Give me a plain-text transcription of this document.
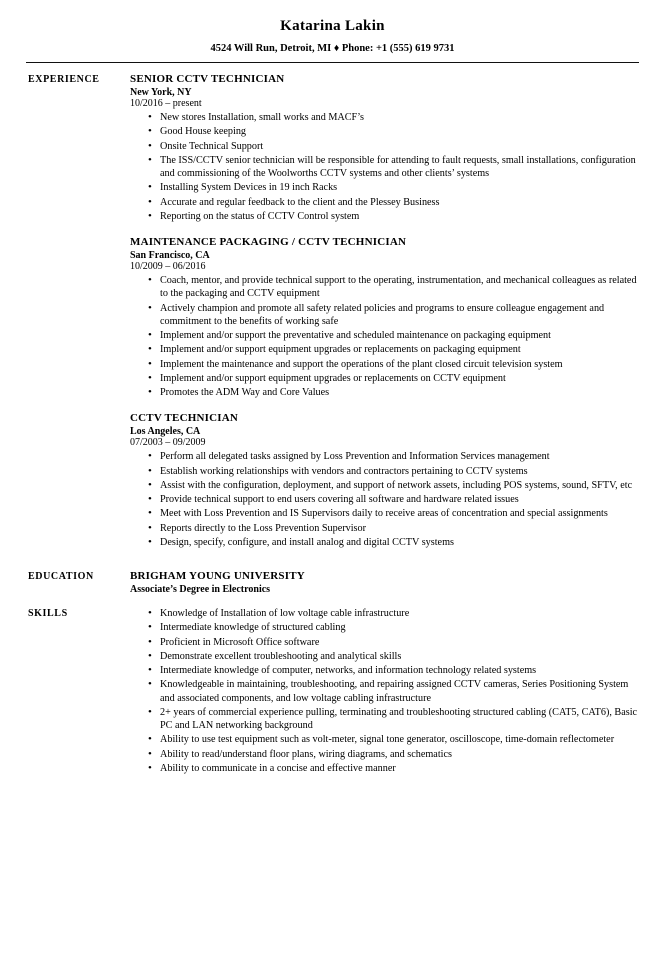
Katarina Lakin
4524 Will Run, Detroit, MI ♦ Phone: +1 (555) 619 9731
EXPERIENCE	SENIOR CCTV TECHNICIAN
New York, NY
10/2016 – present
• New stores Installation, small works and MACF’s
• Good House keeping
• Onsite Technical Support
• The ISS/CCTV senior technician will be responsible for attending to fault requests, small installations, configuration and commissioning of the Woolworths CCTV systems and other clients’ systems
• Installing System Devices in 19 inch Racks
• Accurate and regular feedback to the client and the Plessey Business
• Reporting on the status of CCTV Control system
MAINTENANCE PACKAGING / CCTV TECHNICIAN
San Francisco, CA
10/2009 – 06/2016
• Coach, mentor, and provide technical support to the operating, instrumentation, and mechanical colleagues as related to the packaging and CCTV equipment
• Actively champion and promote all safety related policies and programs to ensure colleague engagement and commitment to the benefits of working safe
• Implement and/or support the preventative and scheduled maintenance on packaging equipment
• Implement and/or support equipment upgrades or replacements on packaging equipment
• Implement the maintenance and support the operations of the plant closed circuit television system
• Implement and/or support equipment upgrades or replacements on CCTV equipment
• Promotes the ADM Way and Core Values
CCTV TECHNICIAN
Los Angeles, CA
07/2003 – 09/2009
• Perform all delegated tasks assigned by Loss Prevention and Information Services management
• Establish working relationships with vendors and contractors pertaining to CCTV systems
• Assist with the configuration, deployment, and support of network assets, including POS systems, sound, SFTV, etc
• Provide technical support to end users covering all software and hardware related issues
• Meet with Loss Prevention and IS Supervisors daily to receive areas of concentration and special assignments
• Reports directly to the Loss Prevention Supervisor
• Design, specify, configure, and install analog and digital CCTV systems
EDUCATION	BRIGHAM YOUNG UNIVERSITY
Associate’s Degree in Electronics
SKILLS	• Knowledge of Installation of low voltage cable infrastructure
• Intermediate knowledge of structured cabling
• Proficient in Microsoft Office software
• Demonstrate excellent troubleshooting and analytical skills
• Intermediate knowledge of computer, networks, and information technology related systems
• Knowledgeable in maintaining, troubleshooting, and repairing assigned CCTV cameras, Series Positioning System and associated components, and low voltage cabling infrastructure
• 2+ years of commercial experience pulling, terminating and troubleshooting structured cabling (CAT5, CAT6), Basic PC and LAN networking background
• Ability to use test equipment such as volt-meter, signal tone generator, oscilloscope, time-domain reflectometer
• Ability to read/understand floor plans, wiring diagrams, and schematics
• Ability to communicate in a concise and effective manner
